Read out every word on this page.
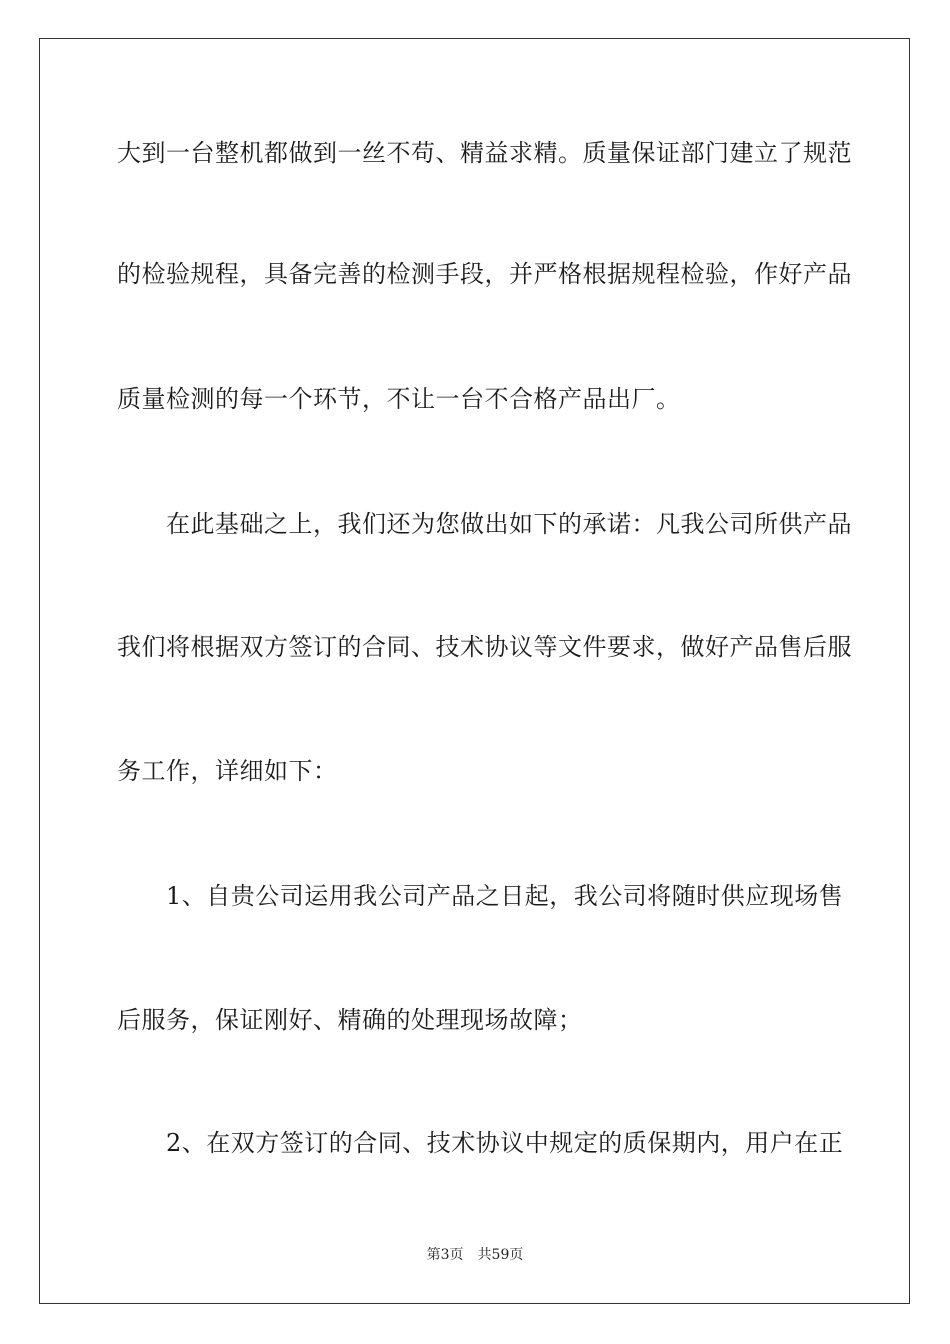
大到一台整机都做到一丝不苟、精益求精。质量保证部门建立了规范
的检验规程，具备完善的检测手段，并严格根据规程检验，作好产品
质量检测的每一个环节，不让一台不合格产品出厂。
　　在此基础之上，我们还为您做出如下的承诺：凡我公司所供产品
我们将根据双方签订的合同、技术协议等文件要求，做好产品售后服
务工作，详细如下：
　　1、自贵公司运用我公司产品之日起，我公司将随时供应现场售
后服务，保证刚好、精确的处理现场故障；
　　2、在双方签订的合同、技术协议中规定的质保期内，用户在正
第3页 共59页
